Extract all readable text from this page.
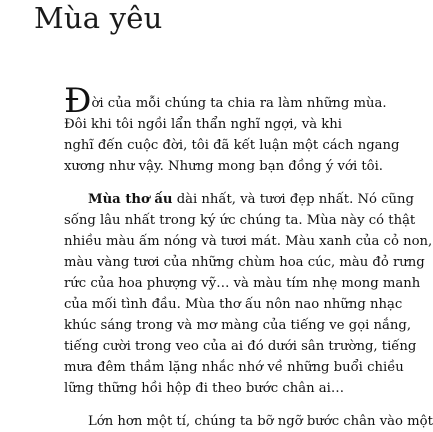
Mùa yêu

Đời của mỗi chúng ta chia ra làm những mùa.
Đôi khi tôi ngồi lẩn thẩn nghĩ ngợi, và khi
nghĩ đến cuộc đời, tôi đã kết luận một cách ngang
xương như vậy. Nhưng mong bạn đồng ý với tôi.

Mùa thơ ấu dài nhất, và tươi đẹp nhất. Nó cũng
sống lâu nhất trong ký ức chúng ta. Mùa này có thật
nhiều màu ấm nóng và tươi mát. Màu xanh của cỏ non,
màu vàng tươi của những chùm hoa cúc, màu đỏ rưng
rức của hoa phượng vỹ… và màu tím nhẹ mong manh
của mối tình đầu. Mùa thơ ấu nôn nao những nhạc
khúc sáng trong và mơ màng của tiếng ve gọi nắng,
tiếng cười trong veo của ai đó dưới sân trường, tiếng
mưa đêm thầm lặng nhắc nhớ về những buổi chiều
lững thững hồi hộp đi theo bước chân ai…

Lớn hơn một tí, chúng ta bỡ ngỡ bước chân vào một
